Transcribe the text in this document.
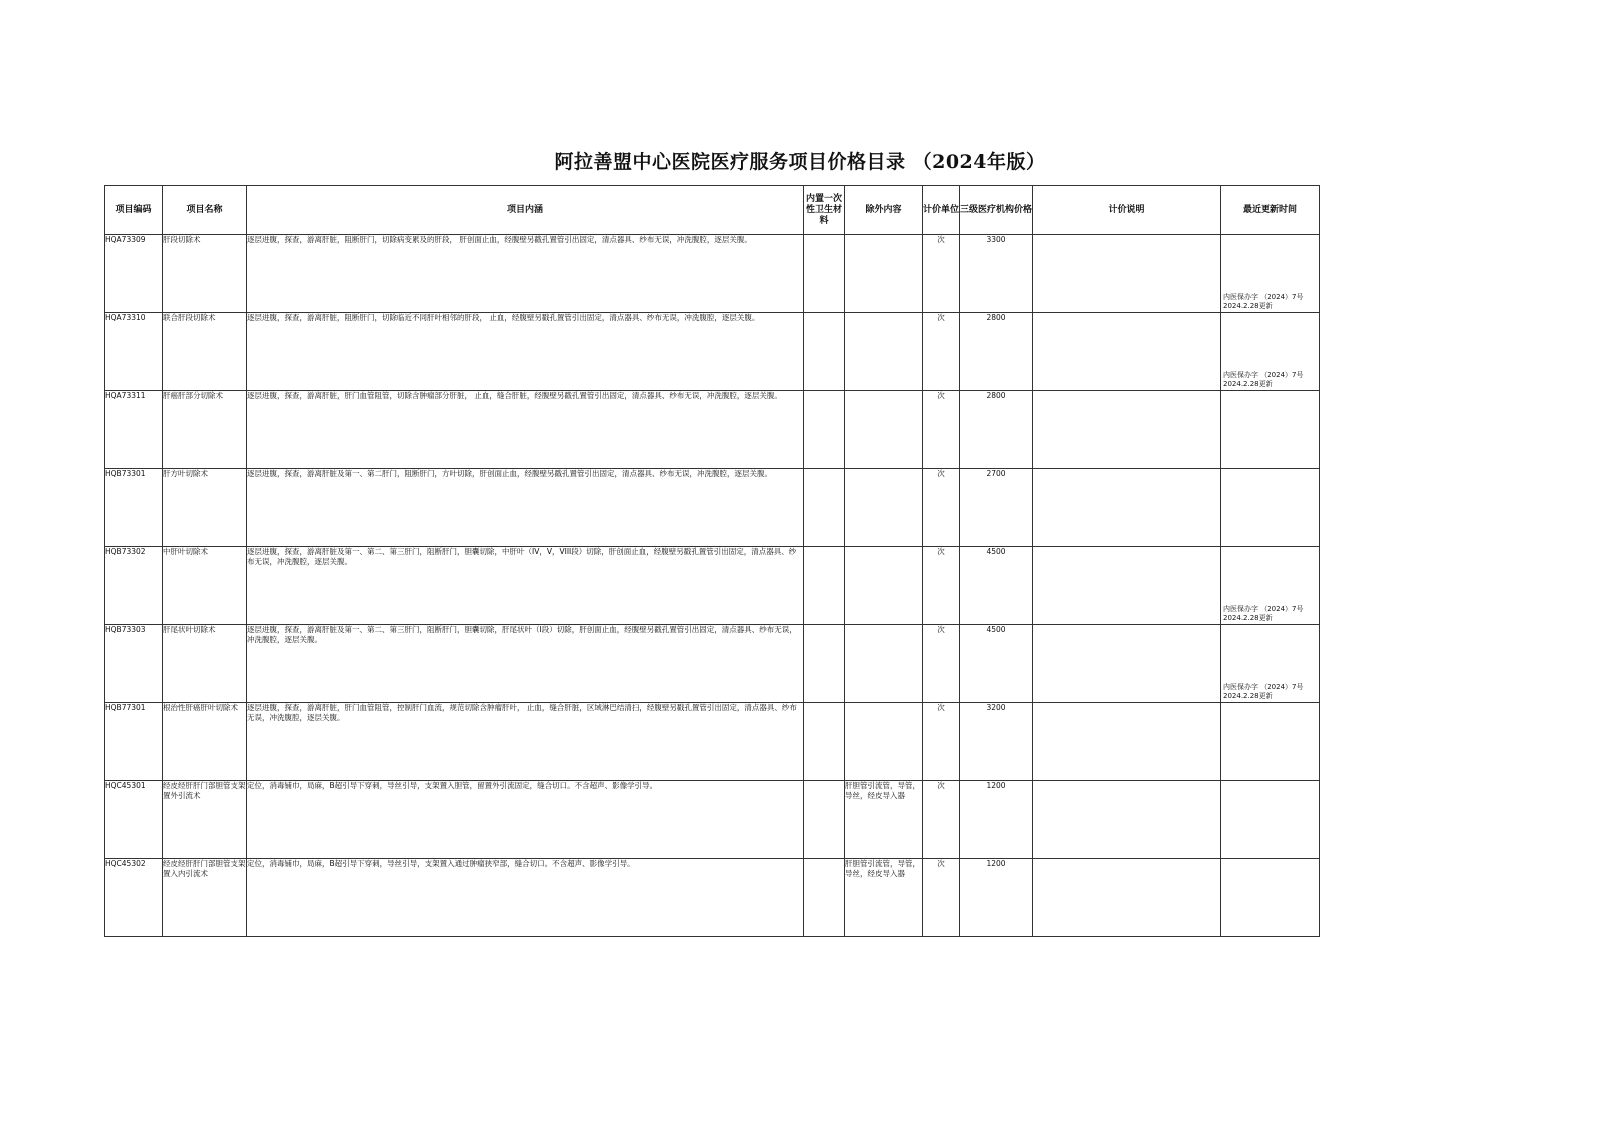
阿拉善盟中心医院医疗服务项目价格目录 （2024年版）
项目编码	项目名称	项目内涵	内置一次性卫生材料	除外内容	计价单位	三级医疗机构价格	计价说明	最近更新时间
HQA73309	肝段切除术	逐层进腹，探查，游离肝脏，阻断肝门，切除病变累及的肝段， 肝创面止血，经腹壁另戳孔置管引出固定，清点器具、纱布无误，冲洗腹腔，逐层关腹。			次	3300		内医保办字 （2024）7号 2024.2.28更新

HQA73310	联合肝段切除术	逐层进腹，探查，游离肝脏，阻断肝门，切除临近不同肝叶相邻的肝段， 止血，经腹壁另戳孔置管引出固定，清点器具、纱布无误，冲洗腹腔，逐层关腹。			次	2800		内医保办字 （2024）7号 2024.2.28更新

HQA73311	肝癌肝部分切除术	逐层进腹，探查，游离肝脏，肝门血管阻管，切除含肿瘤部分肝脏， 止血，缝合肝脏，经腹壁另戳孔置管引出固定，清点器具、纱布无误，冲洗腹腔，逐层关腹。			次	2800		

HQB73301	肝方叶切除术	逐层进腹，探查，游离肝脏及第一、第二肝门，阻断肝门，方叶切除，肝创面止血，经腹壁另戳孔置管引出固定，清点器具、纱布无误，冲洗腹腔，逐层关腹。			次	2700		

HQB73302	中肝叶切除术	逐层进腹，探查，游离肝脏及第一、第二、第三肝门，阻断肝门，胆囊切除，中肝叶（IV，V，VIII段）切除，肝创面止血，经腹壁另戳孔置管引出固定，清点器具、纱布无误，冲洗腹腔，逐层关腹。			次	4500		内医保办字 （2024）7号 2024.2.28更新

HQB73303	肝尾状叶切除术	逐层进腹，探查，游离肝脏及第一、第二、第三肝门，阻断肝门，胆囊切除，肝尾状叶（I段）切除，肝创面止血，经腹壁另戳孔置管引出固定，清点器具、纱布无误，冲洗腹腔，逐层关腹。			次	4500		内医保办字 （2024）7号 2024.2.28更新

HQB77301	根治性肝癌肝叶切除术	逐层进腹，探查，游离肝脏，肝门血管阻管，控制肝门血流，规范切除含肿瘤肝叶， 止血，缝合肝脏，区域淋巴结清扫，经腹壁另戳孔置管引出固定，清点器具、纱布无误，冲洗腹腔，逐层关腹。			次	3200		

HQC45301	经皮经肝肝门部胆管支架置外引流术	定位，消毒铺巾，局麻，B超引导下穿刺，导丝引导，支架置入胆管，留置外引流固定，缝合切口。不含超声、影像学引导。		肝胆管引流管，导管，导丝，经皮导入器	次	1200		

HQC45302	经皮经肝肝门部胆管支架置入内引流术	定位，消毒铺巾，局麻，B超引导下穿刺，导丝引导，支架置入通过肿瘤狭窄部，缝合切口。不含超声、影像学引导。		肝胆管引流管，导管，导丝，经皮导入器	次	1200		
